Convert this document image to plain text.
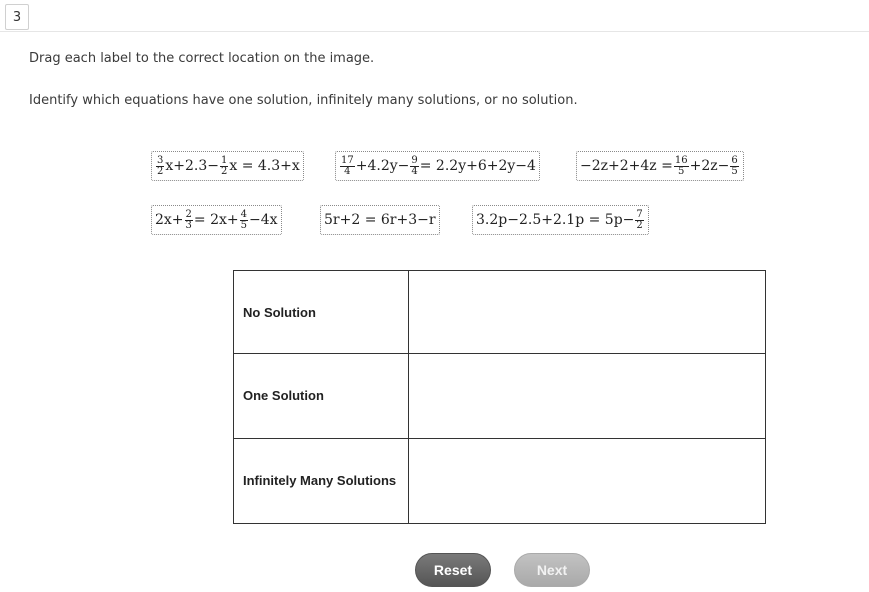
3
Drag each label to the correct location on the image.
Identify which equations have one solution, infinitely many solutions, or no solution.
$\frac{3}{2} x+2.3- \frac{1}{2}$ x = 4.3+x	$\frac{17}{4} +4.2y- \frac{9}{4} = 2.2y+6+2y-4$	$-2z+2+4z = \frac{16}{5} +2z- \frac{6}{5}$
$2x+ \frac{2}{3} = 2x+ \frac{4}{5} -4x$	5r+2 = 6r+3−r	$3.2p-2.5+2.1p = 5p- \frac{7}{2}$
No Solution	
One Solution	
Infinitely Many Solutions	
Reset	Next
